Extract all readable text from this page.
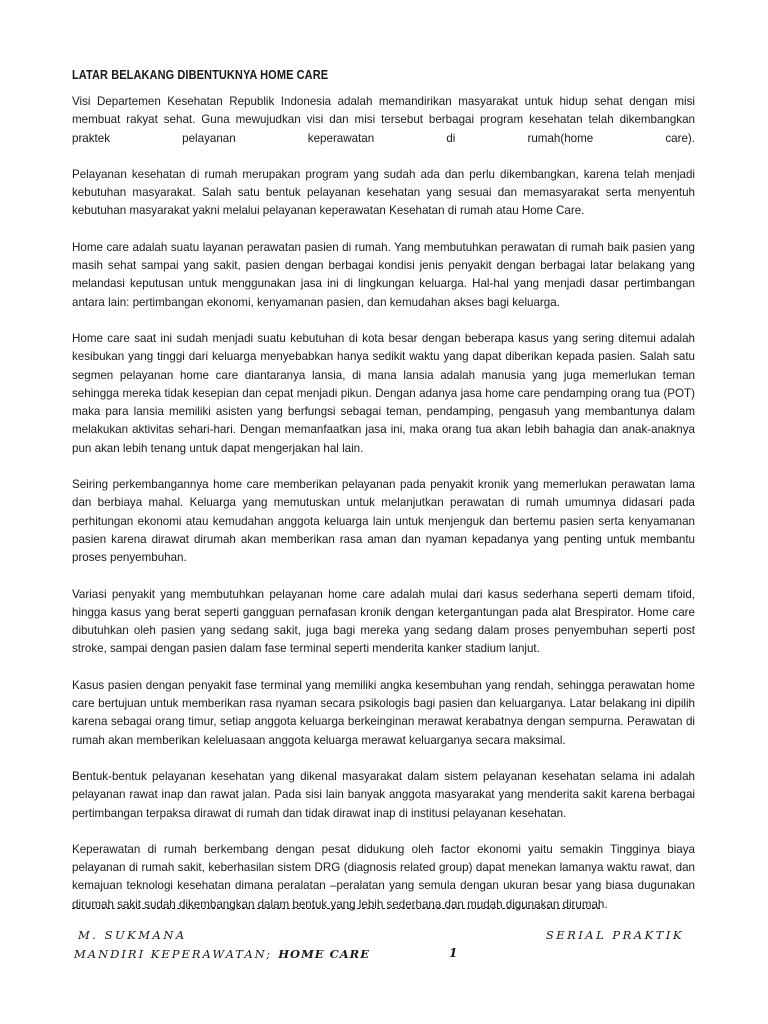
LATAR BELAKANG DIBENTUKNYA HOME CARE

Visi Departemen Kesehatan Republik Indonesia adalah memandirikan masyarakat untuk hidup sehat dengan misi membuat rakyat sehat. Guna mewujudkan visi dan misi tersebut berbagai program kesehatan telah dikembangkan praktek pelayanan keperawatan di rumah(home care).

Pelayanan kesehatan di rumah merupakan program yang sudah ada dan perlu dikembangkan, karena telah menjadi kebutuhan masyarakat. Salah satu bentuk pelayanan kesehatan yang sesuai dan memasyarakat serta menyentuh kebutuhan masyarakat yakni melalui pelayanan keperawatan Kesehatan di rumah atau Home Care.

Home care adalah suatu layanan perawatan pasien di rumah. Yang membutuhkan perawatan di rumah baik pasien yang masih sehat sampai yang sakit, pasien dengan berbagai kondisi jenis penyakit dengan berbagai latar belakang yang melandasi keputusan untuk menggunakan jasa ini di lingkungan keluarga. Hal-hal yang menjadi dasar pertimbangan antara lain: pertimbangan ekonomi, kenyamanan pasien, dan kemudahan akses bagi keluarga.

Home care saat ini sudah menjadi suatu kebutuhan di kota besar dengan beberapa kasus yang sering ditemui adalah kesibukan yang tinggi dari keluarga menyebabkan hanya sedikit waktu yang dapat diberikan kepada pasien. Salah satu segmen pelayanan home care diantaranya lansia, di mana lansia adalah manusia yang juga memerlukan teman sehingga mereka tidak kesepian dan cepat menjadi pikun. Dengan adanya jasa home care pendamping orang tua (POT) maka para lansia memiliki asisten yang berfungsi sebagai teman, pendamping, pengasuh yang membantunya dalam melakukan aktivitas sehari-hari. Dengan memanfaatkan jasa ini, maka orang tua akan lebih bahagia dan anak-anaknya pun akan lebih tenang untuk dapat mengerjakan hal lain.

Seiring perkembangannya home care memberikan pelayanan pada penyakit kronik yang memerlukan perawatan lama dan berbiaya mahal. Keluarga yang memutuskan untuk melanjutkan perawatan di rumah umumnya didasari pada perhitungan ekonomi atau kemudahan anggota keluarga lain untuk menjenguk dan bertemu pasien serta kenyamanan pasien karena dirawat dirumah akan memberikan rasa aman dan nyaman kepadanya yang penting untuk membantu proses penyembuhan.

Variasi penyakit yang membutuhkan pelayanan home care adalah mulai dari kasus sederhana seperti demam tifoid, hingga kasus yang berat seperti gangguan pernafasan kronik dengan ketergantungan pada alat Brespirator. Home care dibutuhkan oleh pasien yang sedang sakit, juga bagi mereka yang sedang dalam proses penyembuhan seperti post stroke, sampai dengan pasien dalam fase terminal seperti menderita kanker stadium lanjut.

Kasus pasien dengan penyakit fase terminal yang memiliki angka kesembuhan yang rendah, sehingga perawatan home care bertujuan untuk memberikan rasa nyaman secara psikologis bagi pasien dan keluarganya. Latar belakang ini dipilih karena sebagai orang timur, setiap anggota keluarga berkeinginan merawat kerabatnya dengan sempurna. Perawatan di rumah akan memberikan keleluasaan anggota keluarga merawat keluarganya secara maksimal.

Bentuk-bentuk pelayanan kesehatan yang dikenal masyarakat dalam sistem pelayanan kesehatan selama ini adalah pelayanan rawat inap dan rawat jalan. Pada sisi lain banyak anggota masyarakat yang menderita sakit karena berbagai pertimbangan terpaksa dirawat di rumah dan tidak dirawat inap di institusi pelayanan kesehatan.

Keperawatan di rumah berkembang dengan pesat didukung oleh factor ekonomi yaitu semakin Tingginya biaya pelayanan di rumah sakit, keberhasilan sistem DRG (diagnosis related group) dapat menekan lamanya waktu rawat, dan kemajuan teknologi kesehatan dimana peralatan –peralatan yang semula dengan ukuran besar yang biasa dugunakan dirumah sakit sudah dikembangkan dalam bentuk yang lebih sederhana dan mudah digunakan dirumah.

M. SUKMANA	SERIAL PRAKTIK
MANDIRI KEPERAWATAN; HOME CARE	1
